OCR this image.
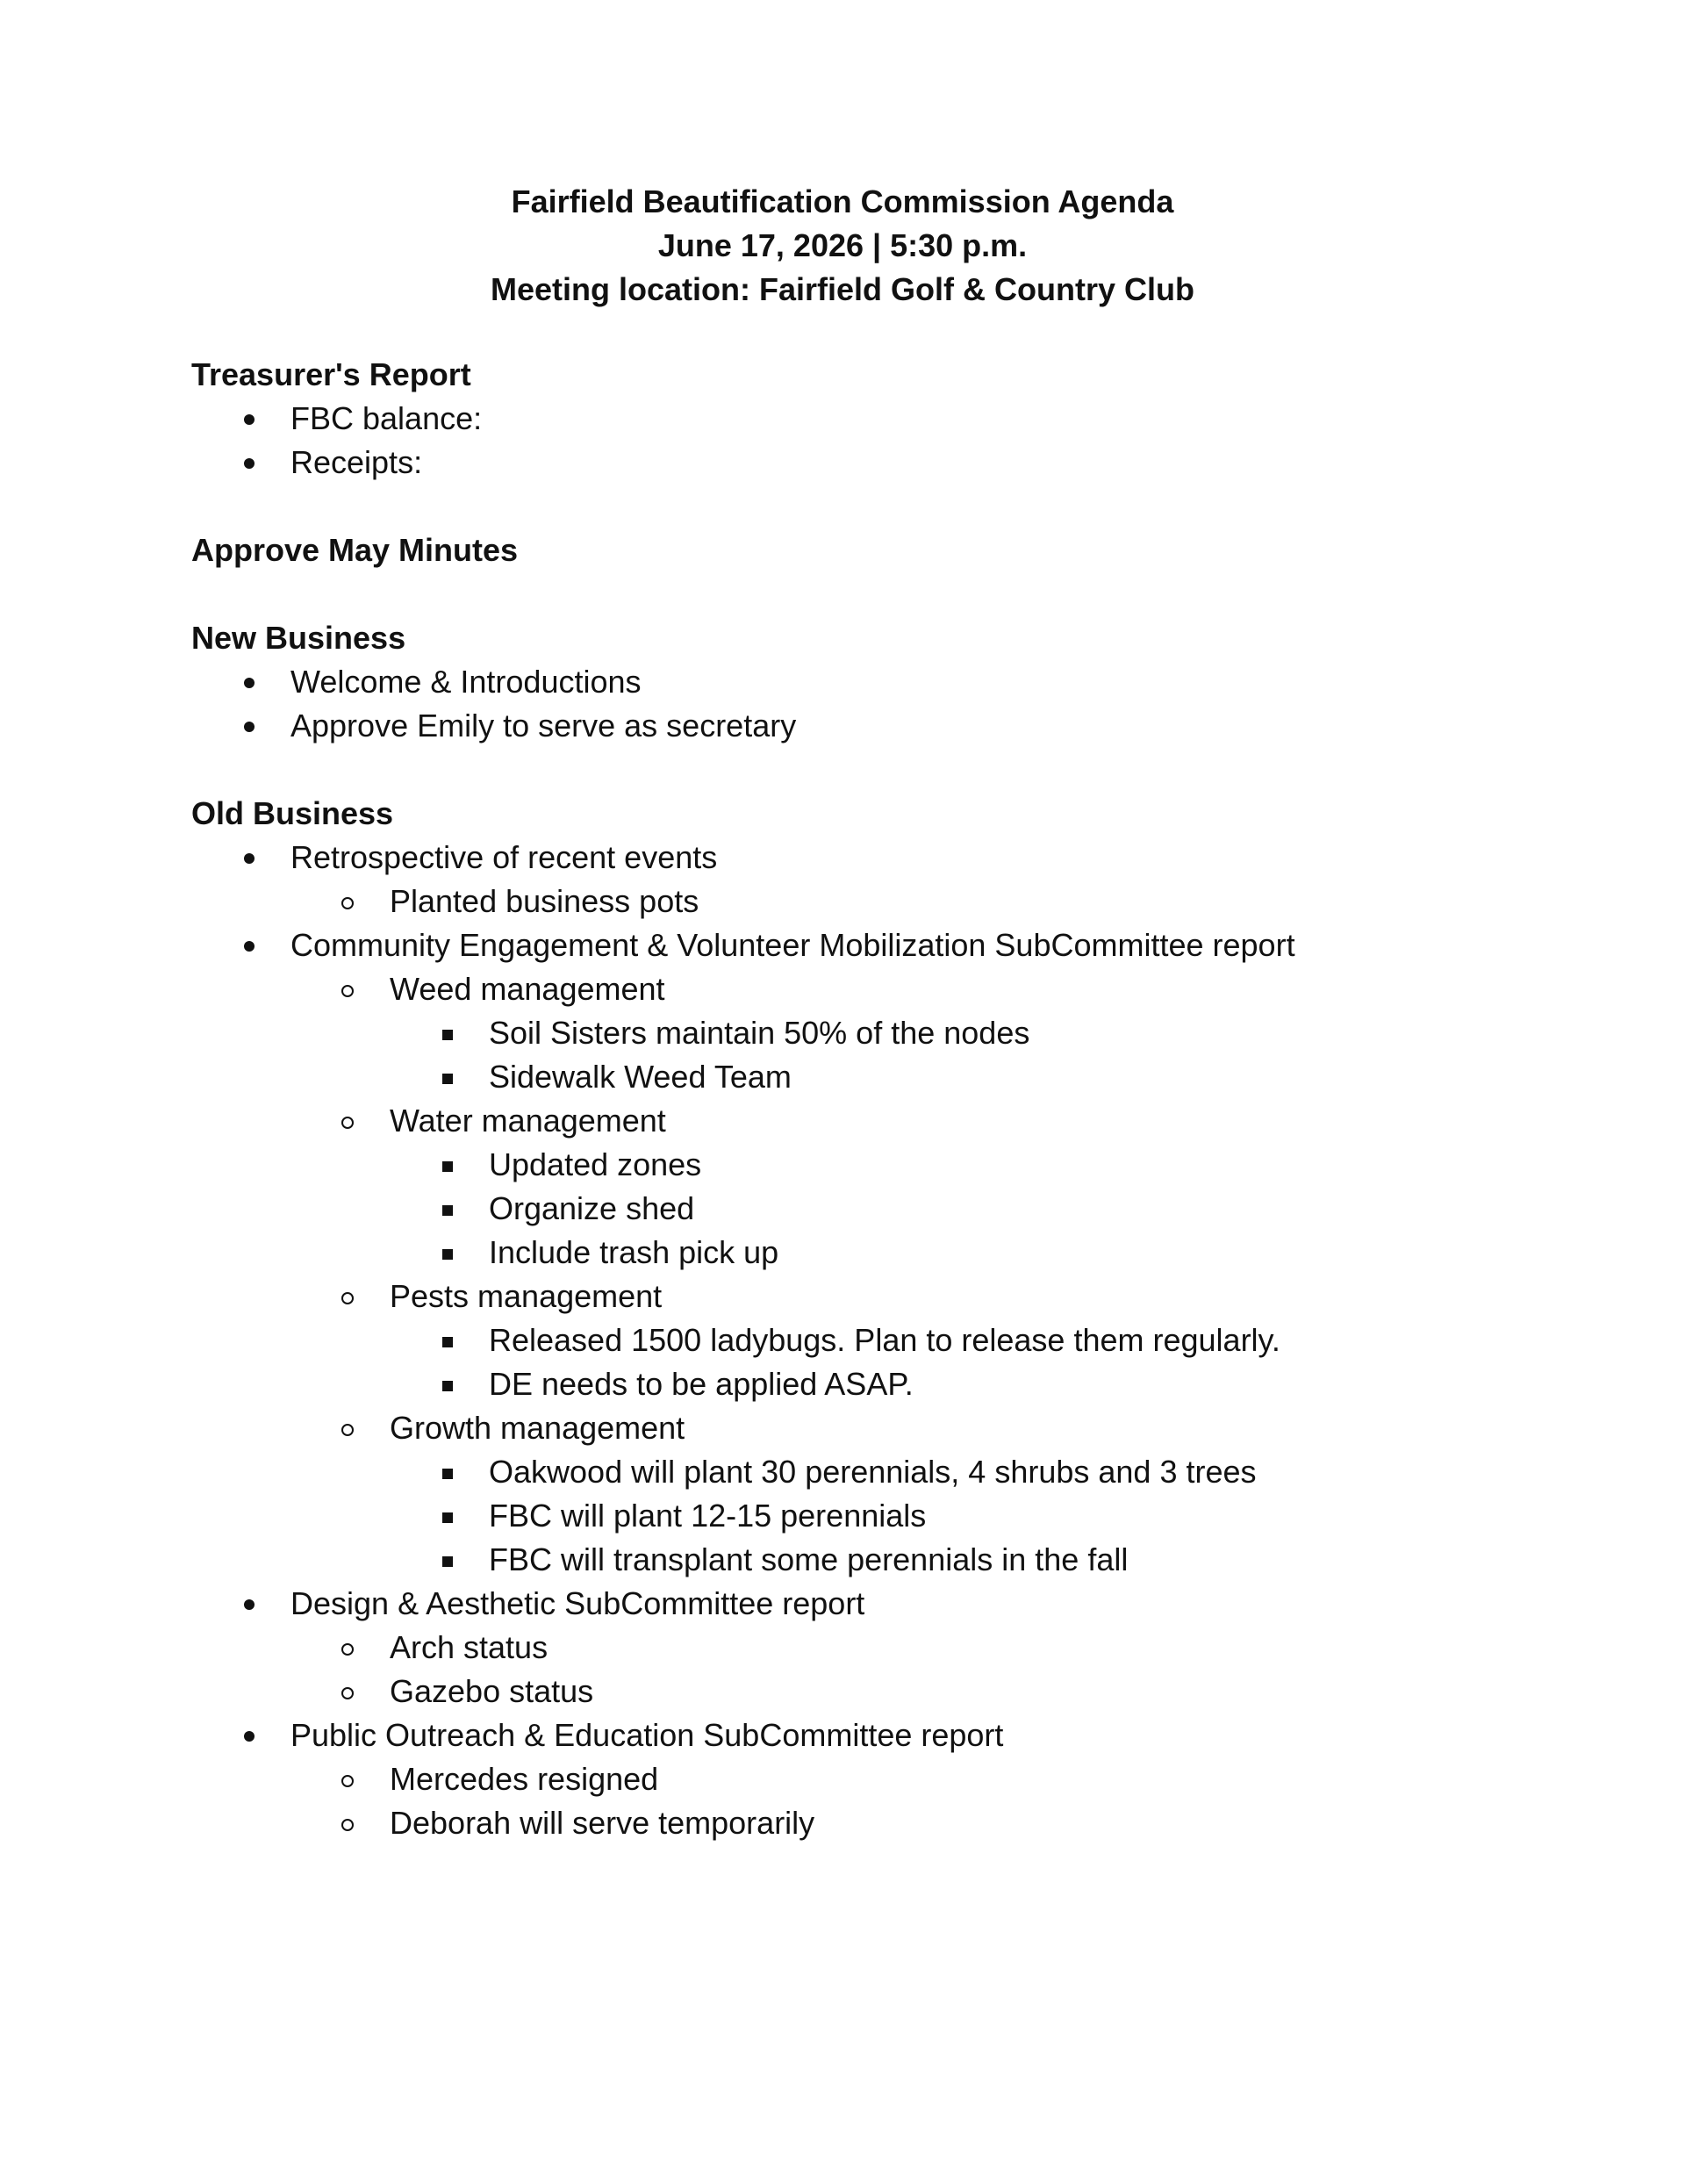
Fairfield Beautification Commission Agenda

June 17, 2026 | 5:30 p.m.

Meeting location: Fairfield Golf & Country Club

Treasurer's Report

FBC balance:
Receipts:

Approve May Minutes

New Business

Welcome & Introductions
Approve Emily to serve as secretary

Old Business

Retrospective of recent events
Planted business pots
Community Engagement & Volunteer Mobilization SubCommittee report
Weed management
Soil Sisters maintain 50% of the nodes
Sidewalk Weed Team
Water management
Updated zones
Organize shed
Include trash pick up
Pests management
Released 1500 ladybugs. Plan to release them regularly.
DE needs to be applied ASAP.
Growth management
Oakwood will plant 30 perennials, 4 shrubs and 3 trees
FBC will plant 12-15 perennials
FBC will transplant some perennials in the fall
Design & Aesthetic SubCommittee report
Arch status
Gazebo status
Public Outreach & Education SubCommittee report
Mercedes resigned
Deborah will serve temporarily
